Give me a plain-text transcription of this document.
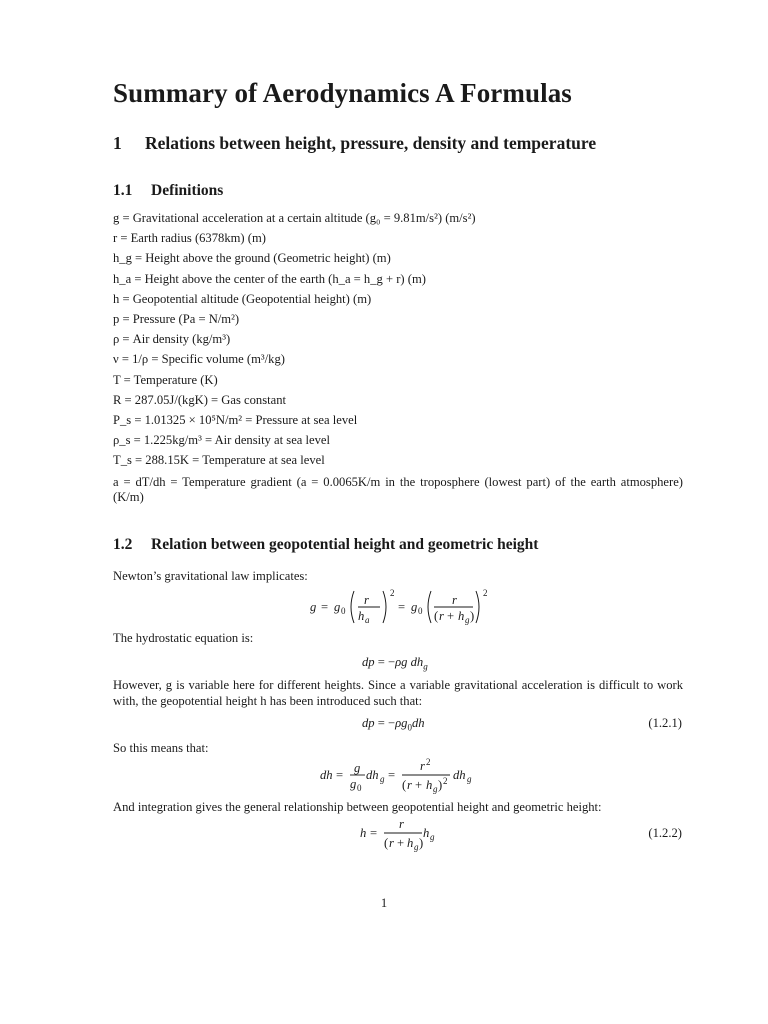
Summary of Aerodynamics A Formulas
1 Relations between height, pressure, density and temperature
1.1 Definitions
g = Gravitational acceleration at a certain altitude (g₀ = 9.81m/s²) (m/s²)
r = Earth radius (6378km) (m)
h_g = Height above the ground (Geometric height) (m)
h_a = Height above the center of the earth (h_a = h_g + r) (m)
h = Geopotential altitude (Geopotential height) (m)
p = Pressure (Pa = N/m²)
ρ = Air density (kg/m³)
ν = 1/ρ = Specific volume (m³/kg)
T = Temperature (K)
R = 287.05J/(kgK) = Gas constant
P_s = 1.01325 × 10⁵N/m² = Pressure at sea level
ρ_s = 1.225kg/m³ = Air density at sea level
T_s = 288.15K = Temperature at sea level
a = dT/dh = Temperature gradient (a = 0.0065K/m in the troposphere (lowest part) of the earth atmosphere) (K/m)
1.2 Relation between geopotential height and geometric height

Newton’s gravitational law implicates:

g = g 0
r
h a
2
= g 0
r
( r + h g )
2

The hydrostatic equation is:

dp = −ρg $dh_g$

However, g is variable here for different heights. Since a variable gravitational acceleration is difficult to work with, the geopotential height h has been introduced such that:

dp = $-\rho g_0dh$	(1.2.1)

So this means that:

dh = g
g 0
dh g =
r 2
( r + h g ) 2 dh g

And integration gives the general relationship between geopotential height and geometric height:

h =
r
( r + h g )
h g	(1.2.2)
1
